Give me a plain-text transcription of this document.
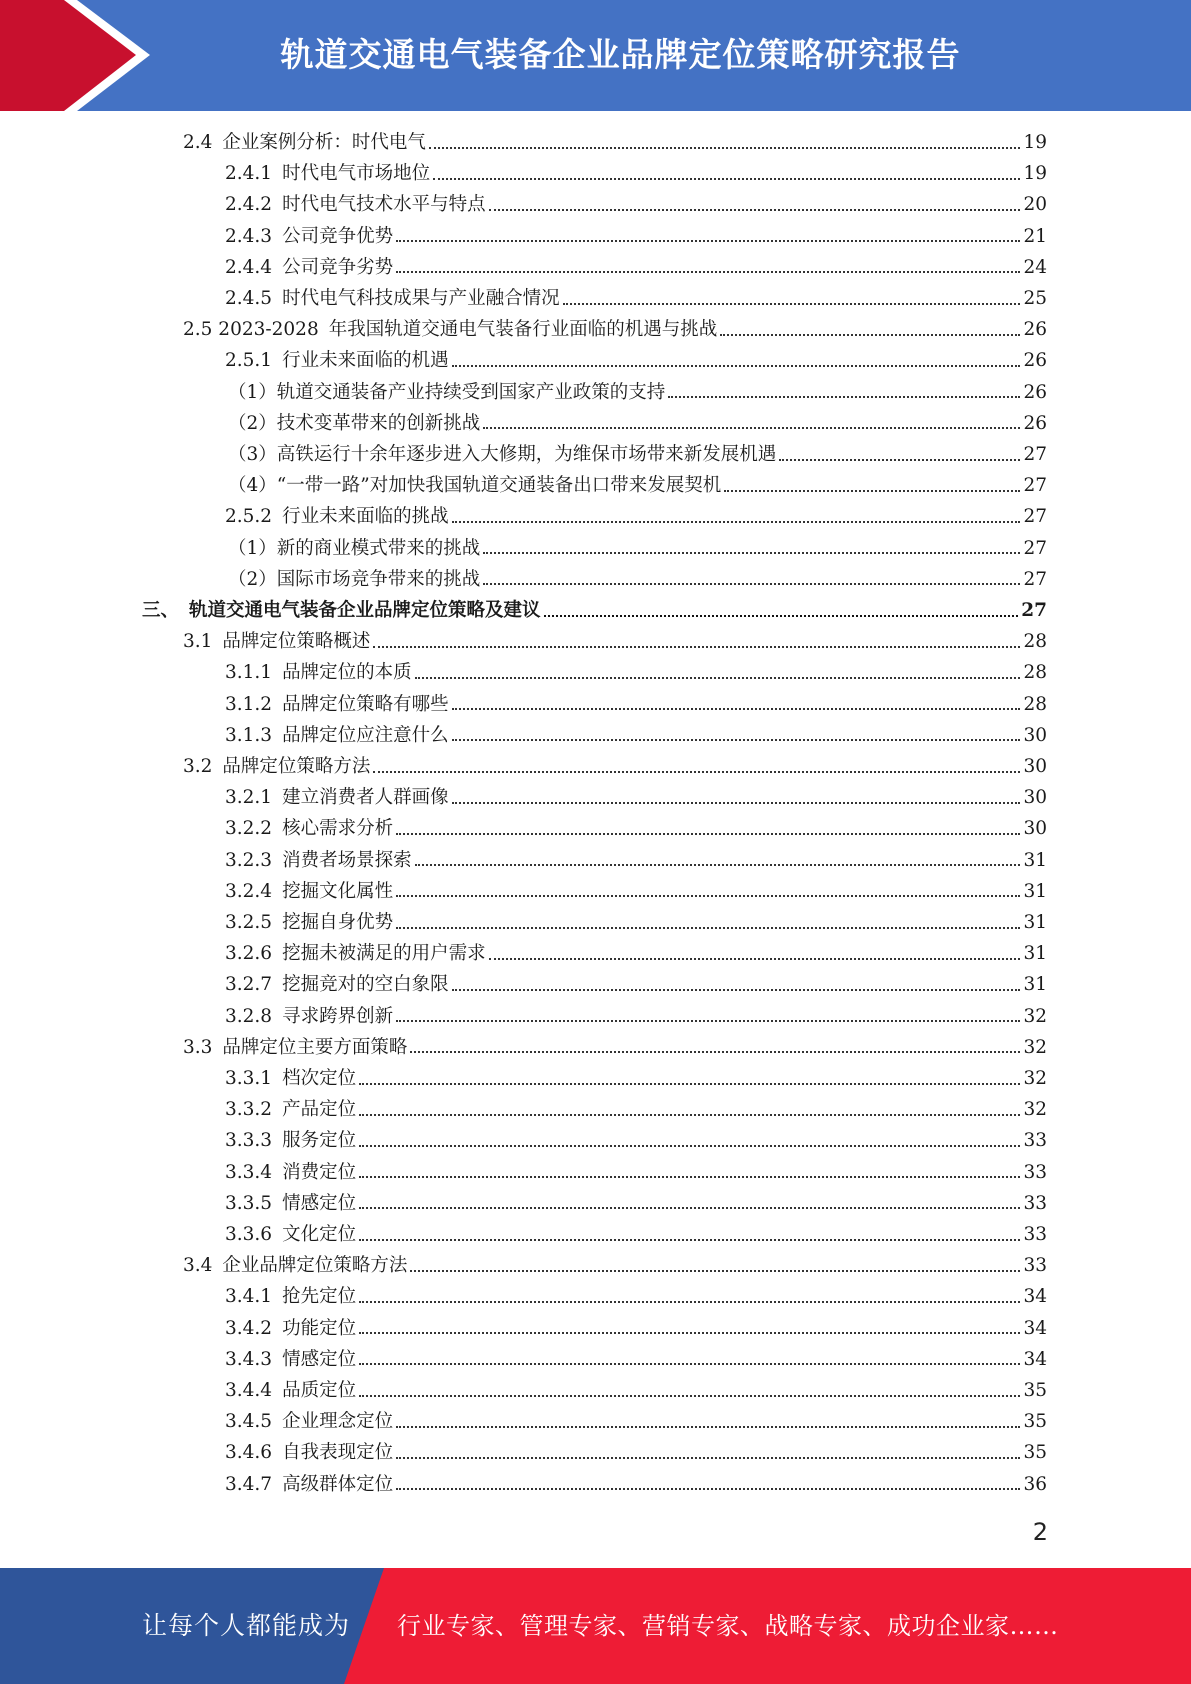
轨道交通电气装备企业品牌定位策略研究报告
2.4 企业案例分析：时代电气	19
2.4.1 时代电气市场地位	19
2.4.2 时代电气技术水平与特点	20
2.4.3 公司竞争优势	21
2.4.4 公司竞争劣势	24
2.4.5 时代电气科技成果与产业融合情况	25
2.5 2023-2028 年我国轨道交通电气装备行业面临的机遇与挑战	26
2.5.1 行业未来面临的机遇	26
（1） 轨道交通装备产业持续受到国家产业政策的支持	26
（2） 技术变革带来的创新挑战	26
（3） 高铁运行十余年逐步进入大修期，为维保市场带来新发展机遇	27
（4） “一带一路”对加快我国轨道交通装备出口带来发展契机	27
2.5.2 行业未来面临的挑战	27
（1） 新的商业模式带来的挑战	27
（2） 国际市场竞争带来的挑战	27
三、 轨道交通电气装备企业品牌定位策略及建议	27
3.1 品牌定位策略概述	28
3.1.1 品牌定位的本质	28
3.1.2 品牌定位策略有哪些	28
3.1.3 品牌定位应注意什么	30
3.2 品牌定位策略方法	30
3.2.1 建立消费者人群画像	30
3.2.2 核心需求分析	30
3.2.3 消费者场景探索	31
3.2.4 挖掘文化属性	31
3.2.5 挖掘自身优势	31
3.2.6 挖掘未被满足的用户需求	31
3.2.7 挖掘竞对的空白象限	31
3.2.8 寻求跨界创新	32
3.3 品牌定位主要方面策略	32
3.3.1 档次定位	32
3.3.2 产品定位	32
3.3.3 服务定位	33
3.3.4 消费定位	33
3.3.5 情感定位	33
3.3.6 文化定位	33
3.4 企业品牌定位策略方法	33
3.4.1 抢先定位	34
3.4.2 功能定位	34
3.4.3 情感定位	34
3.4.4 品质定位	35
3.4.5 企业理念定位	35
3.4.6 自我表现定位	35
3.4.7 高级群体定位	36
2
让每个人都能成为 行业专家、管理专家、营销专家、战略专家、成功企业家……
